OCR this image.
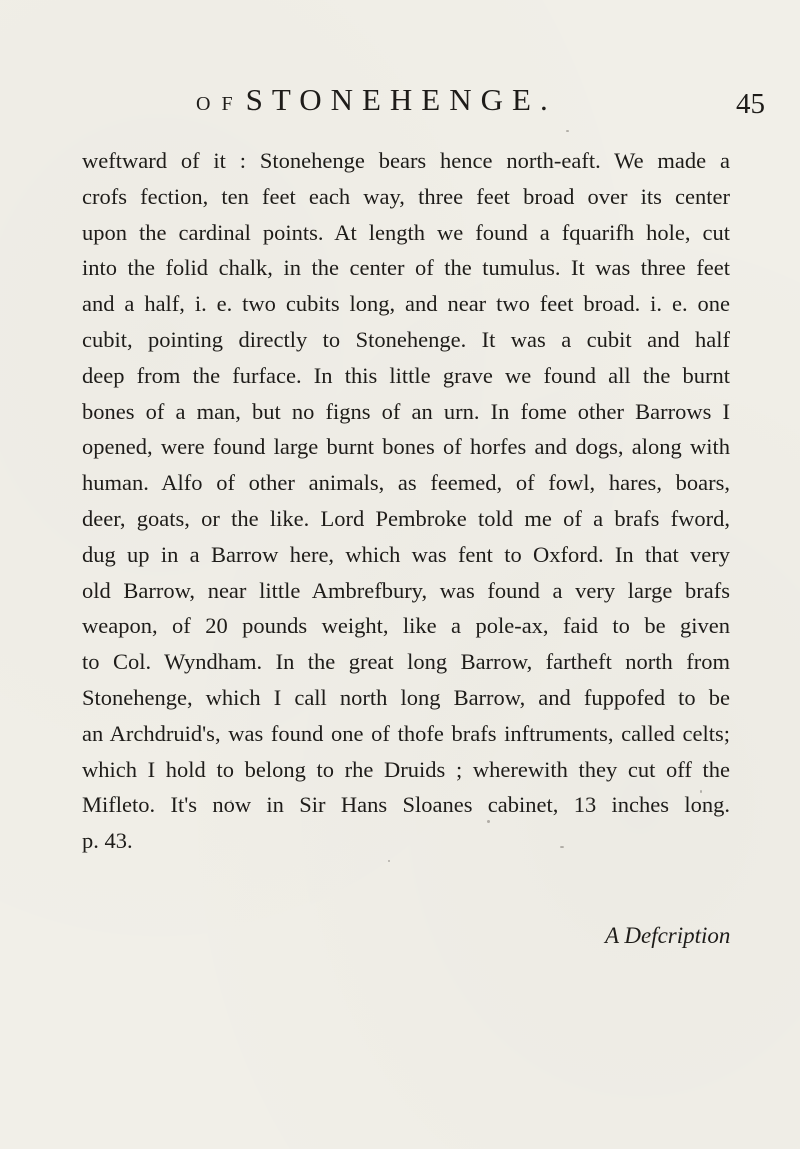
O F STONEHENGE.	45
weftward of it : Stonehenge bears hence north-eaft. We made a
crofs fection, ten feet each way, three feet broad over its center
upon the cardinal points. At length we found a fquarifh hole, cut
into the folid chalk, in the center of the tumulus. It was three feet
and a half, i. e. two cubits long, and near two feet broad. i. e. one
cubit, pointing directly to Stonehenge. It was a cubit and half
deep from the furface. In this little grave we found all the burnt
bones of a man, but no figns of an urn. In fome other Barrows I
opened, were found large burnt bones of horfes and dogs, along with
human. Alfo of other animals, as feemed, of fowl, hares, boars,
deer, goats, or the like. Lord Pembroke told me of a brafs fword,
dug up in a Barrow here, which was fent to Oxford. In that very
old Barrow, near little Ambrefbury, was found a very large brafs
weapon, of 20 pounds weight, like a pole-ax, faid to be given
to Col. Wyndham. In the great long Barrow, fartheft north from
Stonehenge, which I call north long Barrow, and fuppofed to be
an Archdruid's, was found one of thofe brafs inftruments, called celts;
which I hold to belong to rhe Druids ; wherewith they cut off the
Mifleto. It's now in Sir Hans Sloanes cabinet, 13 inches long.
p. 43.
A Defcription
